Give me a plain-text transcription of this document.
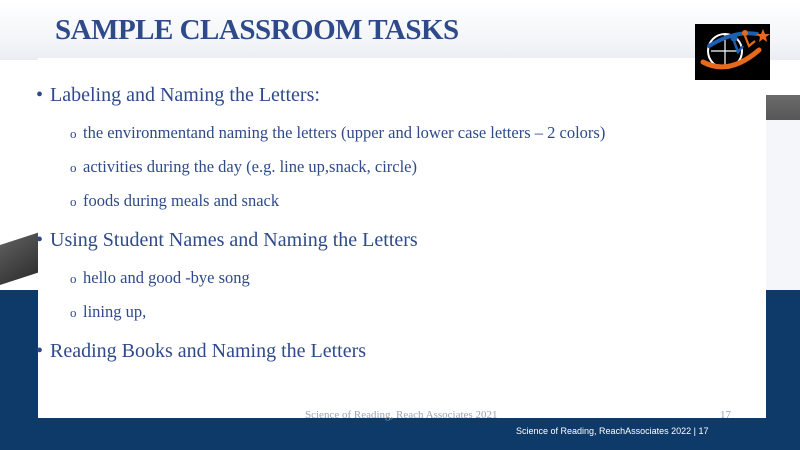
SAMPLE CLASSROOM TASKS
• Labeling and Naming the Letters:
o the environmentand naming the letters (upper and lower case letters – 2 colors)
o activities during the day (e.g. line up,snack, circle)
o foods during meals and snack
• Using Student Names and Naming the Letters
o hello and good -bye song
o lining up,
• Reading Books and Naming the Letters
Science of Reading, Reach Associates 2021	17
Science of Reading, ReachAssociates 2022 | 17
